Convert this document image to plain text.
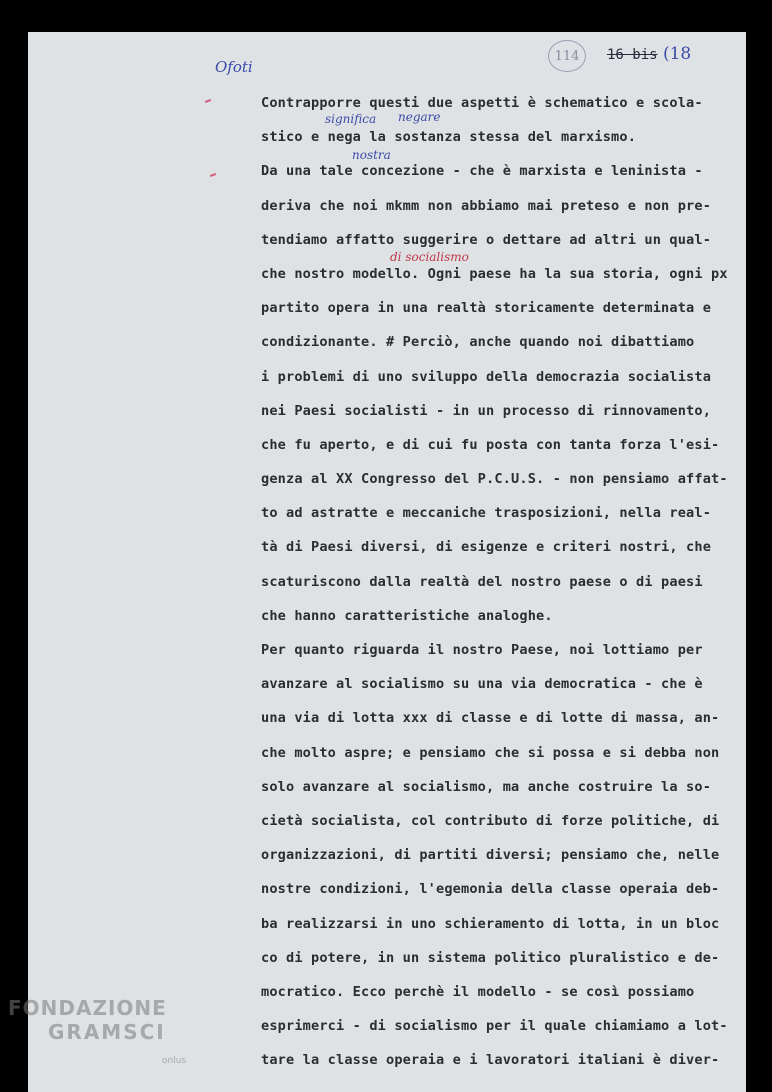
Ofoti
114	16 bis (18
significa negare
nostra
di socialismo
Contrapporre questi due aspetti è schematico e scola-
stico e nega la sostanza stessa del marxismo.
Da una tale concezione - che è marxista e leninista -
deriva che noi mkmm non abbiamo mai preteso e non pre-
tendiamo affatto suggerire o dettare ad altri un qual-
che nostro modello. Ogni paese ha la sua storia, ogni px
partito opera in una realtà storicamente determinata e
condizionante. # Perciò, anche quando noi dibattiamo
i problemi di uno sviluppo della democrazia socialista
nei Paesi socialisti - in un processo di rinnovamento,
che fu aperto, e di cui fu posta con tanta forza l'esi-
genza al XX Congresso del P.C.U.S. - non pensiamo affat-
to ad astratte e meccaniche trasposizioni, nella real-
tà di Paesi diversi, di esigenze e criteri nostri, che
scaturiscono dalla realtà del nostro paese o di paesi
che hanno caratteristiche analoghe.
Per quanto riguarda il nostro Paese, noi lottiamo per
avanzare al socialismo su una via democratica - che è
una via di lotta xxx di classe e di lotte di massa, an-
che molto aspre; e pensiamo che si possa e si debba non
solo avanzare al socialismo, ma anche costruire la so-
cietà socialista, col contributo di forze politiche, di
organizzazioni, di partiti diversi; pensiamo che, nelle
nostre condizioni, l'egemonia della classe operaia deb-
ba realizzarsi in uno schieramento di lotta, in un bloc
co di potere, in un sistema politico pluralistico e de-
mocratico. Ecco perchè il modello - se così possiamo
esprimerci - di socialismo per il quale chiamiamo a lot-
tare la classe operaia e i lavoratori italiani è diver-
FONDAZIONE
GRAMSCI
onlus
